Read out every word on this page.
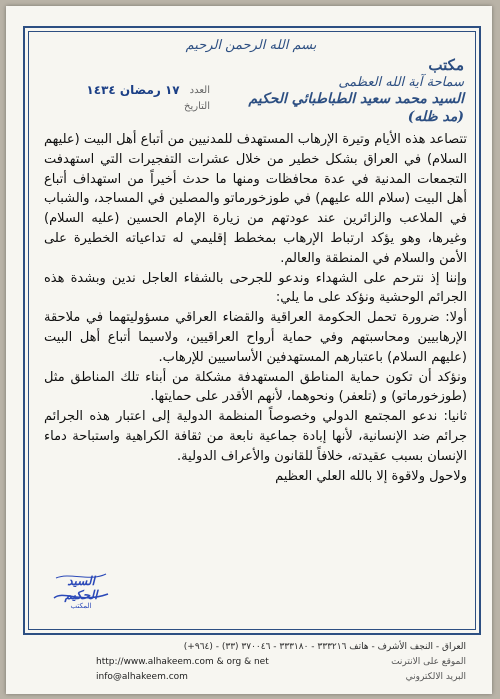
بسم الله الرحمن الرحيم
مكتب
سماحة آية الله العظمى
السيد محمد سعيد الطباطبائي الحكيم (مد ظله)
العدد
١٧ رمضان ١٤٣٤
التاريخ

تتصاعد هذه الأيام وتيرة الإرهاب المستهدف للمدنيين من أتباع أهل البيت (عليهم السلام) في العراق بشكل خطير من خلال عشرات التفجيرات التي استهدفت التجمعات المدنية في عدة محافظات ومنها ما حدث أخيراً من استهداف أتباع أهل البيت (سلام الله عليهم) في طوزخورماتو والمصلين في المساجد، والشباب في الملاعب والزائرين عند عودتهم من زيارة الإمام الحسين (عليه السلام) وغيرها، وهو يؤكد ارتباط الإرهاب بمخطط إقليمي له تداعياته الخطيرة على الأمن والسلام في المنطقة والعالم.

وإننا إذ نترحم على الشهداء وندعو للجرحى بالشفاء العاجل ندين وبشدة هذه الجرائم الوحشية ونؤكد على ما يلي:

أولا: ضرورة تحمل الحكومة العراقية والقضاء العراقي مسؤوليتهما في ملاحقة الإرهابيين ومحاسبتهم وفي حماية أرواح العراقيين، ولاسيما أتباع أهل البيت (عليهم السلام) باعتبارهم المستهدفين الأساسيين للإرهاب.

ونؤكد أن تكون حماية المناطق المستهدفة مشكلة من أبناء تلك المناطق مثل (طوزخورماتو) و (تلعفر) ونحوهما، لأنهم الأقدر على حمايتها.

ثانيا: ندعو المجتمع الدولي وخصوصاً المنظمة الدولية إلى اعتبار هذه الجرائم جرائم ضد الإنسانية، لأنها إبادة جماعية نابعة من ثقافة الكراهية واستباحة دماء الإنسان بسبب عقيدته، خلافاً للقانون والأعراف الدولية.

ولاحول ولاقوة إلا بالله العلي العظيم

السيد الحكيم
المكتب
العراق - النجف الأشرف - هاتف ٣٣٣٢١٦ - ٣٣٣١٨٠ - ٣٧٠٠٤٦ (٣٣) - (٩٦٤+)
الموقع على الانترنت
http://www.alhakeem.com & org & net
البريد الالكتروني
info@alhakeem.com
